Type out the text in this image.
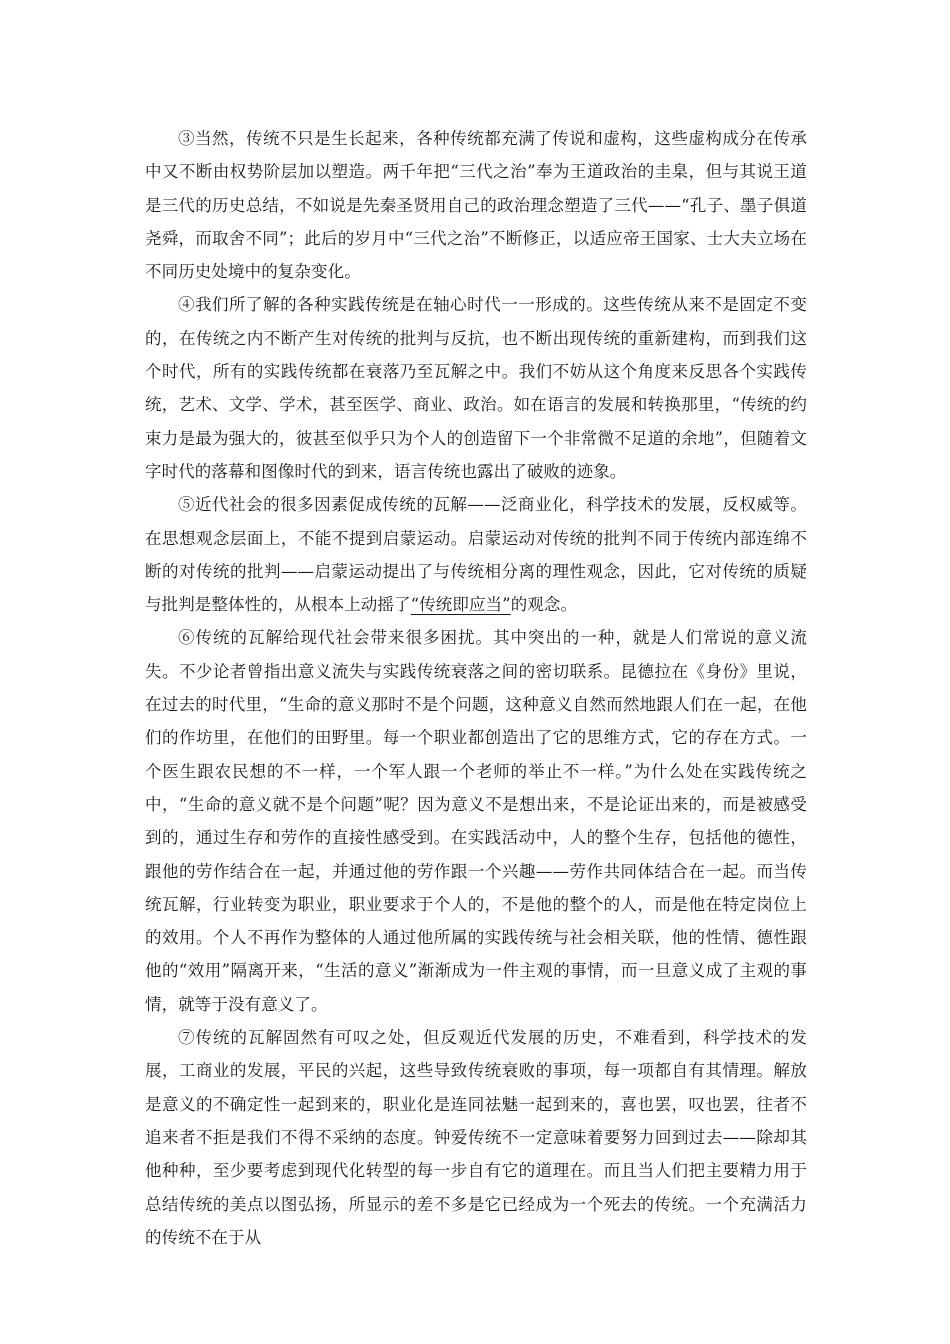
③当然，传统不只是生长起来，各种传统都充满了传说和虚构，这些虚构成分在传承中又不断由权势阶层加以塑造。两千年把“三代之治”奉为王道政治的圭臬，但与其说王道是三代的历史总结，不如说是先秦圣贤用自己的政治理念塑造了三代——“孔子、墨子俱道尧舜，而取舍不同”；此后的岁月中“三代之治”不断修正，以适应帝王国家、士大夫立场在不同历史处境中的复杂变化。

④我们所了解的各种实践传统是在轴心时代一一形成的。这些传统从来不是固定不变的，在传统之内不断产生对传统的批判与反抗，也不断出现传统的重新建构，而到我们这个时代，所有的实践传统都在衰落乃至瓦解之中。我们不妨从这个角度来反思各个实践传统，艺术、文学、学术，甚至医学、商业、政治。如在语言的发展和转换那里，“传统的约束力是最为强大的，彼甚至似乎只为个人的创造留下一个非常微不足道的余地”，但随着文字时代的落幕和图像时代的到来，语言传统也露出了破败的迹象。

⑤近代社会的很多因素促成传统的瓦解——泛商业化，科学技术的发展，反权威等。在思想观念层面上，不能不提到启蒙运动。启蒙运动对传统的批判不同于传统内部连绵不断的对传统的批判——启蒙运动提出了与传统相分离的理性观念，因此，它对传统的质疑与批判是整体性的，从根本上动摇了“传统即应当”的观念。

⑥传统的瓦解给现代社会带来很多困扰。其中突出的一种，就是人们常说的意义流失。不少论者曾指出意义流失与实践传统衰落之间的密切联系。昆德拉在《身份》里说，在过去的时代里，“生命的意义那时不是个问题，这种意义自然而然地跟人们在一起，在他们的作坊里，在他们的田野里。每一个职业都创造出了它的思维方式，它的存在方式。一个医生跟农民想的不一样，一个军人跟一个老师的举止不一样。”为什么处在实践传统之中，“生命的意义就不是个问题”呢？因为意义不是想出来，不是论证出来的，而是被感受到的，通过生存和劳作的直接性感受到。在实践活动中，人的整个生存，包括他的德性，跟他的劳作结合在一起，并通过他的劳作跟一个兴趣——劳作共同体结合在一起。而当传统瓦解，行业转变为职业，职业要求于个人的，不是他的整个的人，而是他在特定岗位上的效用。个人不再作为整体的人通过他所属的实践传统与社会相关联，他的性情、德性跟他的“效用”隔离开来，“生活的意义”渐渐成为一件主观的事情，而一旦意义成了主观的事情，就等于没有意义了。

⑦传统的瓦解固然有可叹之处，但反观近代发展的历史，不难看到，科学技术的发展，工商业的发展，平民的兴起，这些导致传统衰败的事项，每一项都自有其情理。解放是意义的不确定性一起到来的，职业化是连同祛魅一起到来的，喜也罢，叹也罢，往者不追来者不拒是我们不得不采纳的态度。钟爱传统不一定意味着要努力回到过去——除却其他种种，至少要考虑到现代化转型的每一步自有它的道理在。而且当人们把主要精力用于总结传统的美点以图弘扬，所显示的差不多是它已经成为一个死去的传统。一个充满活力的传统不在于从
